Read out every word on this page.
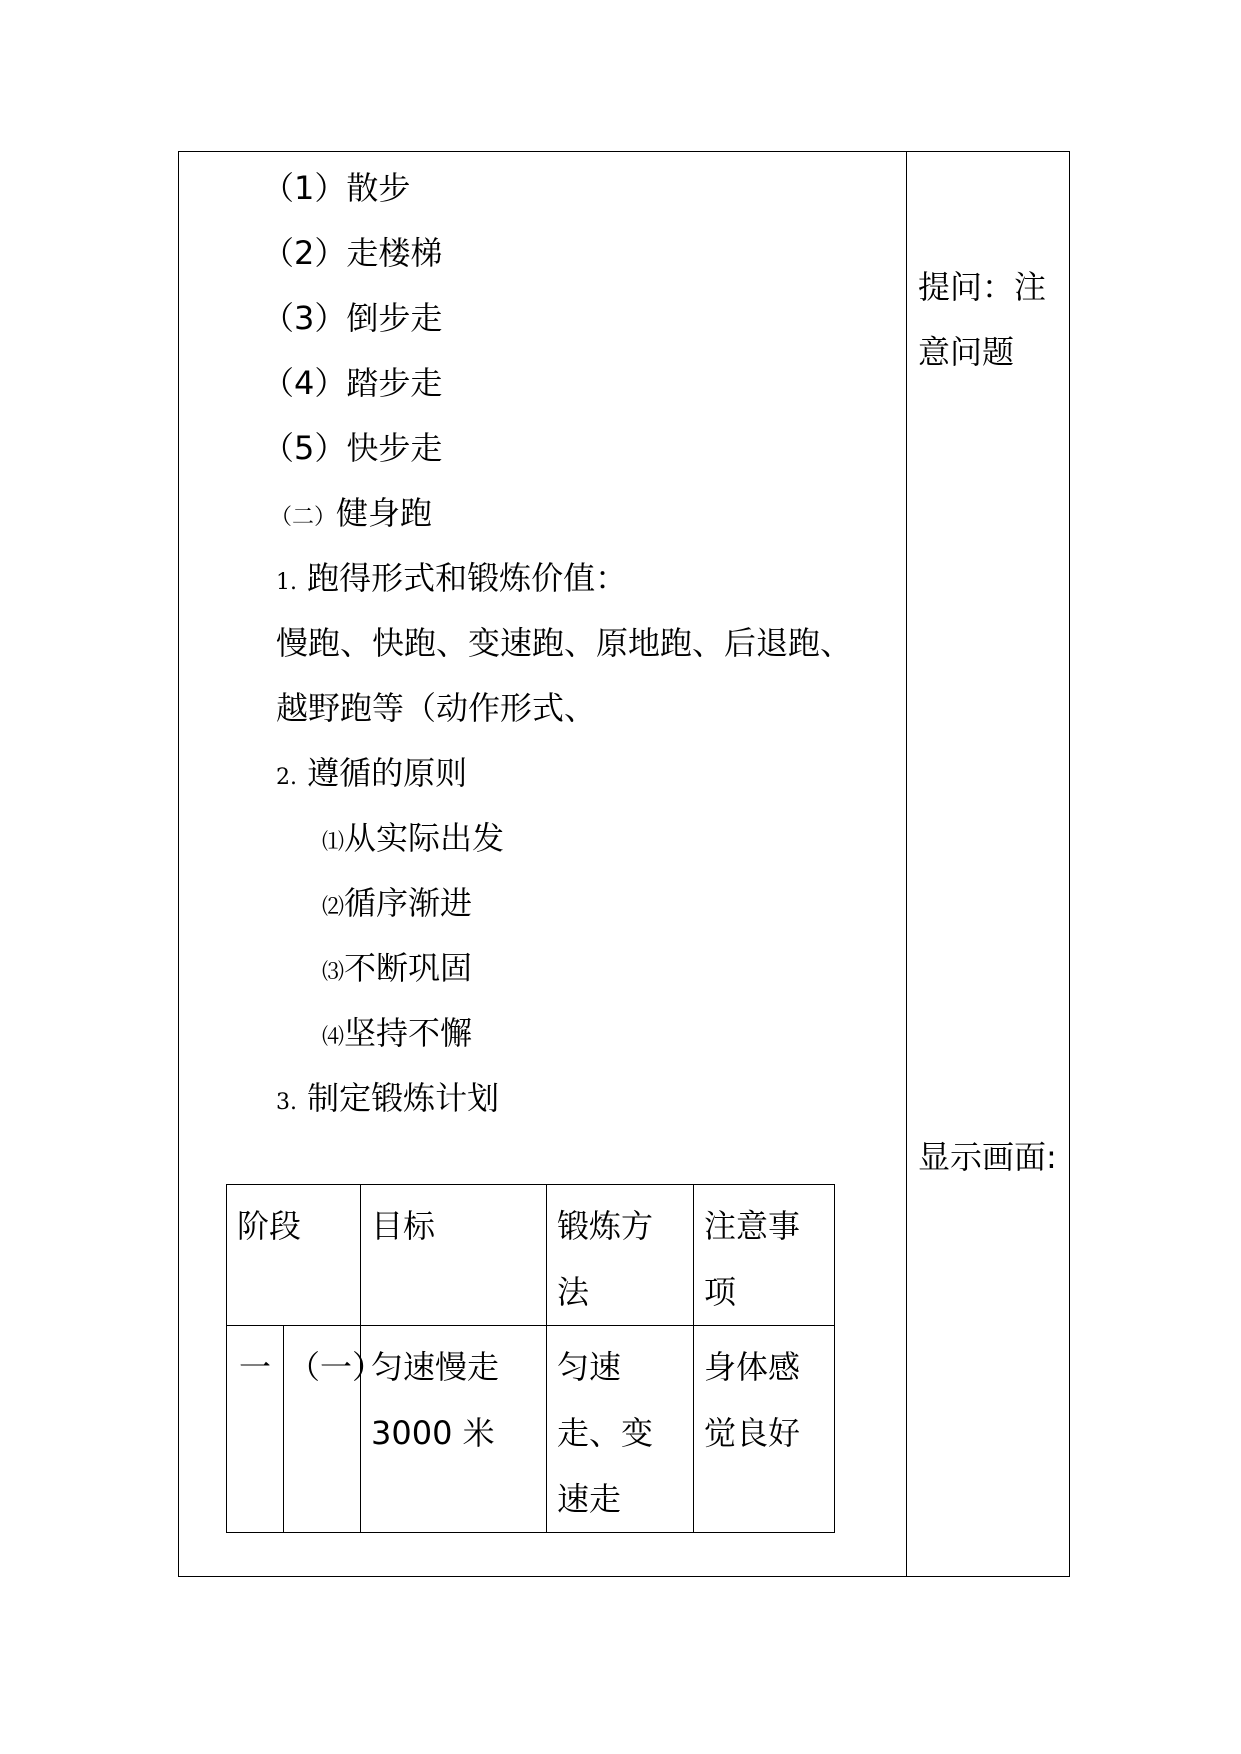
（1）散步
（2）走楼梯
（3）倒步走
（4）踏步走
（5）快步走
（二）健身跑
1. 跑得形式和锻炼价值：
慢跑、快跑、变速跑、原地跑、后退跑、
越野跑等（动作形式、
2. 遵循的原则
⑴从实际出发
⑵循序渐进
⑶不断巩固
⑷坚持不懈
3. 制定锻炼计划
阶段		目标	锻炼方法	注意事项

一	（一）	匀速慢走3000 米	匀速走、变速走	身体感觉良好
提问：注
意问题
显示画面:
